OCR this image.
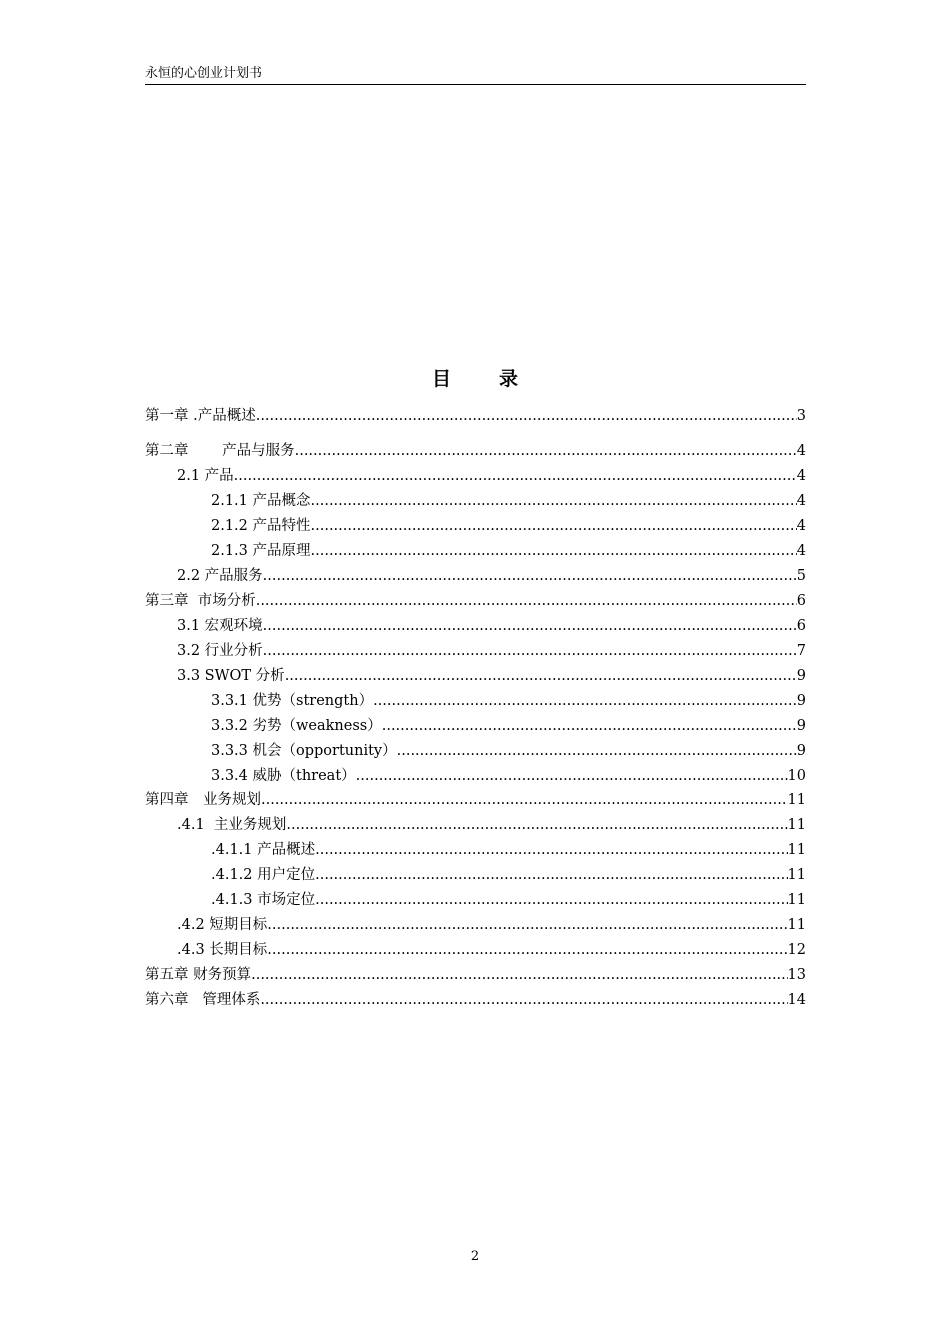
永恒的心创业计划书
目	录
第一章 .产品概述 .....	3
第二章 　　产品与服务 .....	4
2.1 产品 .....	4
2.1.1 产品概念 .....	4
2.1.2 产品特性 .....	4
2.1.3 产品原理 .....	4
2.2 产品服务 .....	5
第三章  市场分析 .....	6
3.1 宏观环境 .....	6
3.2 行业分析 .....	7
3.3 SWOT 分析 .....	9
3.3.1 优势（strength） .....	9
3.3.2 劣势（weakness） .....	9
3.3.3 机会（opportunity） .....	9
3.3.4 威胁（threat） .....	10
第四章　业务规划 .....	11
.4.1  主业务规划 .....	11
.4.1.1 产品概述 .....	11
.4.1.2 用户定位 .....	11
.4.1.3 市场定位 .....	11
.4.2 短期目标 .....	11
.4.3 长期目标 .....	12
第五章 财务预算 .....	13
第六章   管理体系 .....	14
2
